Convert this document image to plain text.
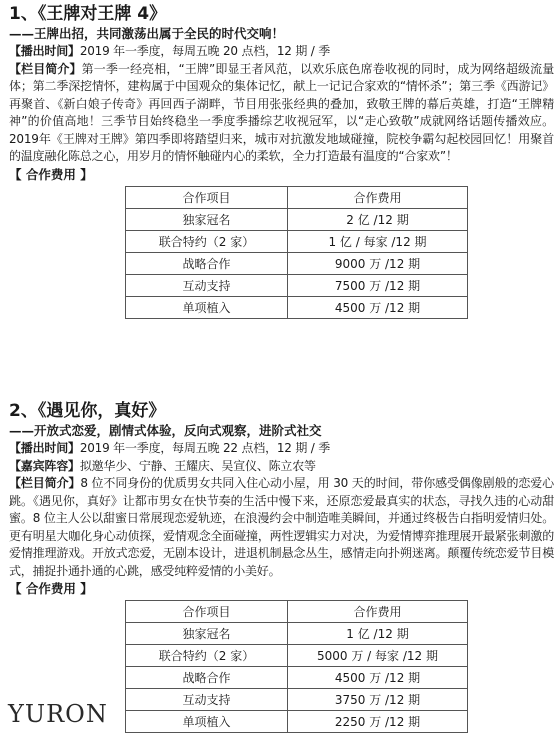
1、《王牌对王牌 4》

——王牌出招，共同激荡出属于全民的时代交响！

【播出时间】2019 年一季度，每周五晚 20 点档，12 期 / 季

【栏目简介】第一季一经亮相，“王牌”即显王者风范，以欢乐底色席卷收视的同时，成为网络超级流量体；第二季深挖情怀，建构属于中国观众的集体记忆，献上一记记合家欢的“情怀杀”；第三季《西游记》再聚首、《新白娘子传奇》再回西子湖畔，节目用张张经典的叠加，致敬王牌的幕后英雄，打造“王牌精神”的价值高地！三季节目始终稳坐一季度季播综艺收视冠军，以“走心致敬”成就网络话题传播效应。2019年《王牌对王牌》第四季即将踏望归来，城市对抗激发地域碰撞，院校争霸勾起校园回忆！用聚首的温度融化陈总之心，用岁月的情怀触碰内心的柔软，全力打造最有温度的“合家欢”！

【 合作费用 】

合作项目	合作费用
独家冠名	2 亿 /12 期
联合特约（2 家）	1 亿 / 每家 /12 期
战略合作	9000 万 /12 期
互动支持	7500 万 /12 期
单项植入	4500 万 /12 期

2、《遇见你，真好》

——开放式恋爱，剧情式体验，反向式观察，进阶式社交

【播出时间】2019 年一季度，每周五晚 22 点档，12 期 / 季

【嘉宾阵容】拟邀华少、宁静、王耀庆、吴宣仪、陈立农等

【栏目简介】8 位不同身份的优质男女共同入住心动小屋，用 30 天的时间，带你感受偶像剧般的恋爱心跳。《遇见你，真好》让都市男女在快节奏的生活中慢下来，还原恋爱最真实的状态，寻找久违的心动甜蜜。8 位主人公以甜蜜日常展现恋爱轨迹，在浪漫约会中制造唯美瞬间，并通过终极告白指明爱情归处。更有明星大咖化身心动侦探，爱情观念全面碰撞，两性逻辑实力对决，为爱情博弈推理展开最紧张刺激的爱情推理游戏。开放式恋爱，无剧本设计，进退机制悬念丛生，感情走向扑朔迷离。颠覆传统恋爱节目模式，捕捉扑通扑通的心跳，感受纯粹爱情的小美好。

【 合作费用 】

合作项目	合作费用
独家冠名	1 亿 /12 期
联合特约（2 家）	5000 万 / 每家 /12 期
战略合作	4500 万 /12 期
互动支持	3750 万 /12 期
单项植入	2250 万 /12 期
YURON
